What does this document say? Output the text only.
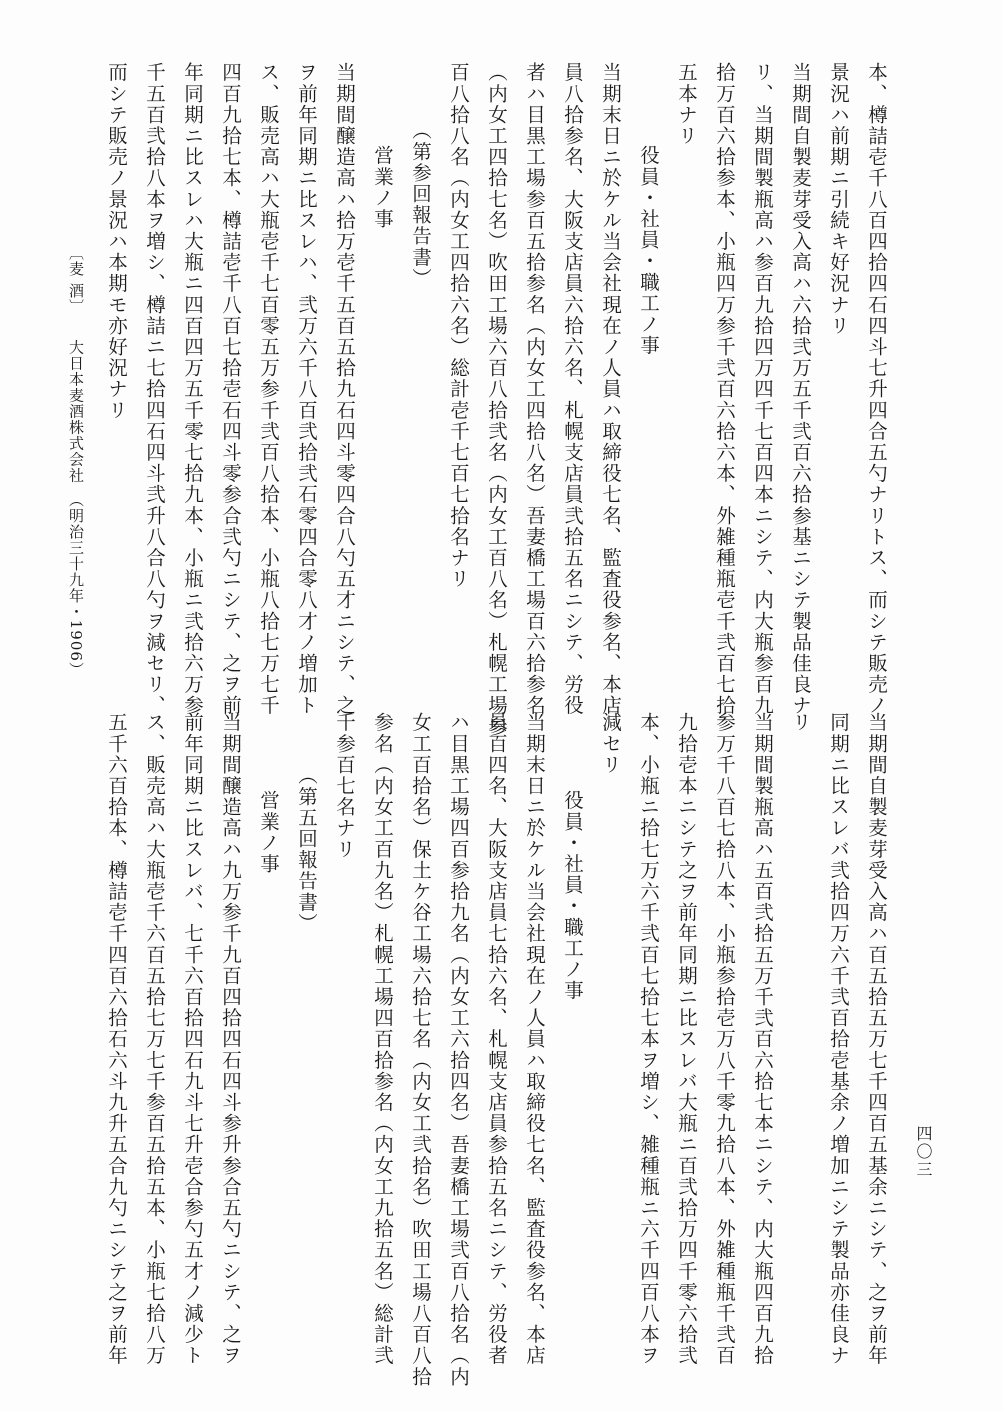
本、樽詰壱千八百四拾四石四斗七升四合五勺ナリトス、而シテ販売ノ
景況ハ前期ニ引続キ好況ナリ
当期間自製麦芽受入高ハ六拾弐万五千弐百六拾参基ニシテ製品佳良ナ
リ、当期間製瓶高ハ参百九拾四万四千七百四本ニシテ、内大瓶参百九
拾万百六拾参本、小瓶四万参千弐百六拾六本、外雑種瓶壱千弐百七拾
五本ナリ
役員・社員・職工ノ事
当期末日ニ於ケル当会社現在ノ人員ハ取締役七名、監査役参名、本店
員八拾参名、大阪支店員六拾六名、札幌支店員弐拾五名ニシテ、労役
者ハ目黒工場参百五拾参名（内女工四拾八名）吾妻橋工場百六拾参名
（内女工四拾七名）吹田工場六百八拾弐名（内女工百八名）札幌工場参
百八拾八名（内女工四拾六名）総計壱千七百七拾名ナリ
（第参回報告書）
営業ノ事
当期間醸造高ハ拾万壱千五百五拾九石四斗零四合八勺五才ニシテ、之
ヲ前年同期ニ比スレハ、弐万六千八百弐拾弐石零四合零八才ノ増加ト
ス、販売高ハ大瓶壱千七百零五万参千弐百八拾本、小瓶八拾七万七千
四百九拾七本、樽詰壱千八百七拾壱石四斗零参合弐勺ニシテ、之ヲ前
年同期ニ比スレハ大瓶ニ四百四万五千零七拾九本、小瓶ニ弐拾六万参
千五百弐拾八本ヲ増シ、樽詰ニ七拾四石四斗弐升八合八勺ヲ減セリ、
而シテ販売ノ景況ハ本期モ亦好況ナリ
〔麦 酒〕　　大日本麦酒株式会社　（明治三十九年・1906）
当期間自製麦芽受入高ハ百五拾五万七千四百五基余ニシテ、之ヲ前年
同期ニ比スレバ弐拾四万六千弐百拾壱基余ノ増加ニシテ製品亦佳良ナ
リ
当期間製瓶高ハ五百弐拾五万千弐百六拾七本ニシテ、内大瓶四百九拾
参万千八百七拾八本、小瓶参拾壱万八千零九拾八本、外雑種瓶千弐百
九拾壱本ニシテ之ヲ前年同期ニ比スレバ大瓶ニ百弐拾万四千零六拾弐
本、小瓶ニ拾七万六千弐百七拾七本ヲ増シ、雑種瓶ニ六千四百八本ヲ
減セリ
役員・社員・職工ノ事
当期末日ニ於ケル当会社現在ノ人員ハ取締役七名、監査役参名、本店
員百四名、大阪支店員七拾六名、札幌支店員参拾五名ニシテ、労役者
ハ目黒工場四百参拾九名（内女工六拾四名）吾妻橋工場弐百八拾名（内
女工百拾名）保土ケ谷工場六拾七名（内女工弐拾名）吹田工場八百八拾
参名（内女工百九名）札幌工場四百拾参名（内女工九拾五名）総計弐
千参百七名ナリ
（第五回報告書）
営業ノ事
当期間醸造高ハ九万参千九百四拾四石四斗参升参合五勺ニシテ、之ヲ
前年同期ニ比スレバ、七千六百拾四石九斗七升壱合参勺五才ノ減少ト
ス、販売高ハ大瓶壱千六百五拾七万七千参百五拾五本、小瓶七拾八万
五千六百拾本、樽詰壱千四百六拾石六斗九升五合九勺ニシテ之ヲ前年	四〇三
